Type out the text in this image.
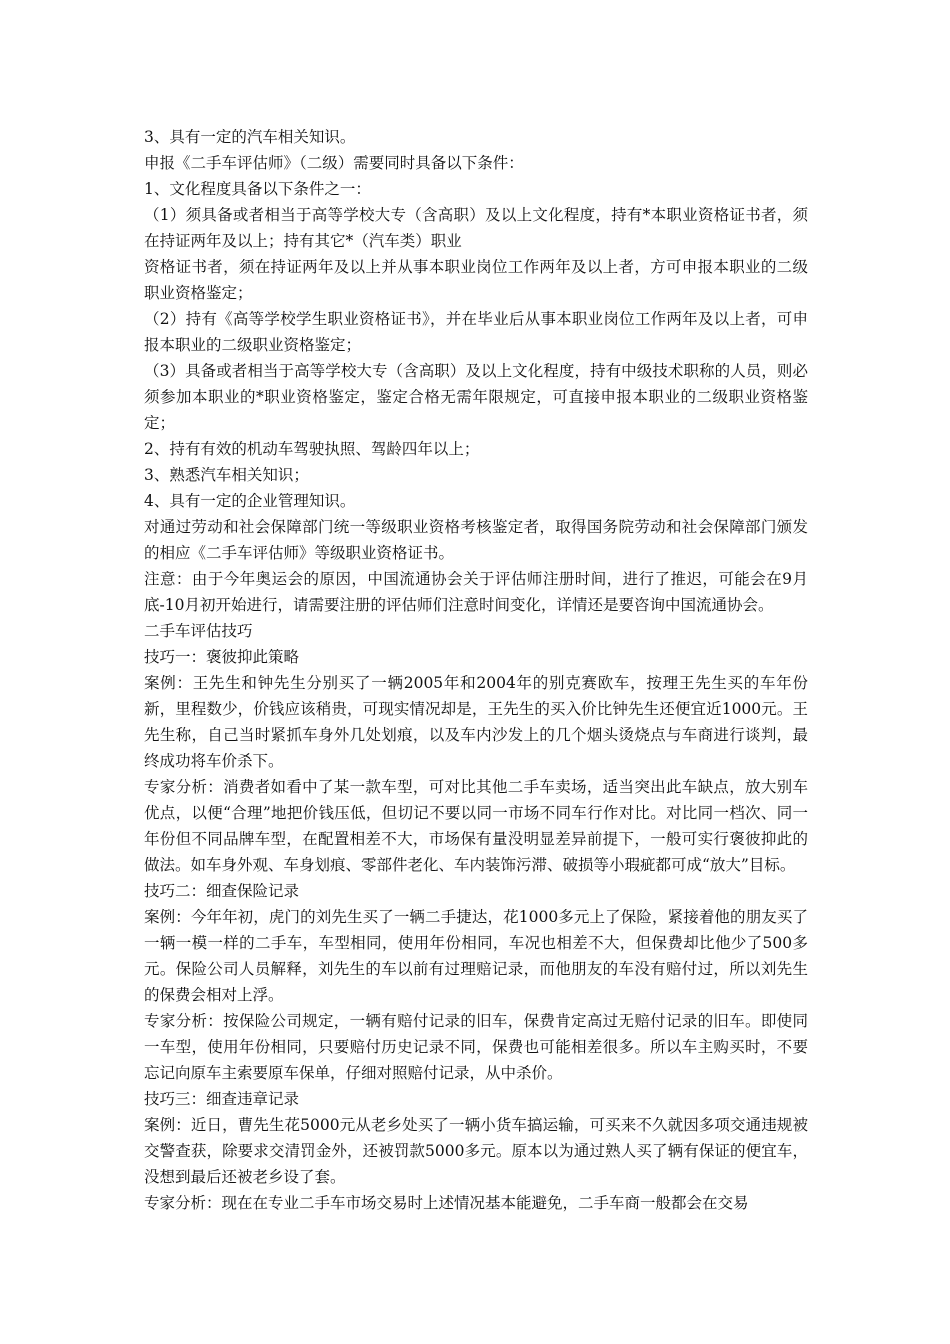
3、具有一定的汽车相关知识。

申报《二手车评估师》（二级）需要同时具备以下条件：

1、文化程度具备以下条件之一：

（1）须具备或者相当于高等学校大专（含高职）及以上文化程度，持有*本职业资格证书者，须在持证两年及以上；持有其它*（汽车类）职业

资格证书者，须在持证两年及以上并从事本职业岗位工作两年及以上者，方可申报本职业的二级职业资格鉴定；

（2）持有《高等学校学生职业资格证书》，并在毕业后从事本职业岗位工作两年及以上者，可申报本职业的二级职业资格鉴定；

（3）具备或者相当于高等学校大专（含高职）及以上文化程度，持有中级技术职称的人员，则必须参加本职业的*职业资格鉴定，鉴定合格无需年限规定，可直接申报本职业的二级职业资格鉴定；

2、持有有效的机动车驾驶执照、驾龄四年以上；

3、熟悉汽车相关知识；

4、具有一定的企业管理知识。

对通过劳动和社会保障部门统一等级职业资格考核鉴定者，取得国务院劳动和社会保障部门颁发的相应《二手车评估师》等级职业资格证书。

注意：由于今年奥运会的原因，中国流通协会关于评估师注册时间，进行了推迟，可能会在9月底-10月初开始进行，请需要注册的评估师们注意时间变化，详情还是要咨询中国流通协会。

二手车评估技巧

技巧一：褒彼抑此策略

案例：王先生和钟先生分别买了一辆2005年和2004年的别克赛欧车，按理王先生买的车年份新，里程数少，价钱应该稍贵，可现实情况却是，王先生的买入价比钟先生还便宜近1000元。王先生称，自己当时紧抓车身外几处划痕，以及车内沙发上的几个烟头烫烧点与车商进行谈判，最终成功将车价杀下。

专家分析：消费者如看中了某一款车型，可对比其他二手车卖场，适当突出此车缺点，放大别车优点，以便“合理”地把价钱压低，但切记不要以同一市场不同车行作对比。对比同一档次、同一年份但不同品牌车型，在配置相差不大，市场保有量没明显差异前提下，一般可实行褒彼抑此的做法。如车身外观、车身划痕、零部件老化、车内装饰污滞、破损等小瑕疵都可成“放大”目标。

技巧二：细查保险记录

案例：今年年初，虎门的刘先生买了一辆二手捷达，花1000多元上了保险，紧接着他的朋友买了一辆一模一样的二手车，车型相同，使用年份相同，车况也相差不大，但保费却比他少了500多元。保险公司人员解释，刘先生的车以前有过理赔记录，而他朋友的车没有赔付过，所以刘先生的保费会相对上浮。

专家分析：按保险公司规定，一辆有赔付记录的旧车，保费肯定高过无赔付记录的旧车。即使同一车型，使用年份相同，只要赔付历史记录不同，保费也可能相差很多。所以车主购买时，不要忘记向原车主索要原车保单，仔细对照赔付记录，从中杀价。

技巧三：细查违章记录

案例：近日，曹先生花5000元从老乡处买了一辆小货车搞运输，可买来不久就因多项交通违规被交警查获，除要求交清罚金外，还被罚款5000多元。原本以为通过熟人买了辆有保证的便宜车，没想到最后还被老乡设了套。

专家分析：现在在专业二手车市场交易时上述情况基本能避免，二手车商一般都会在交易
